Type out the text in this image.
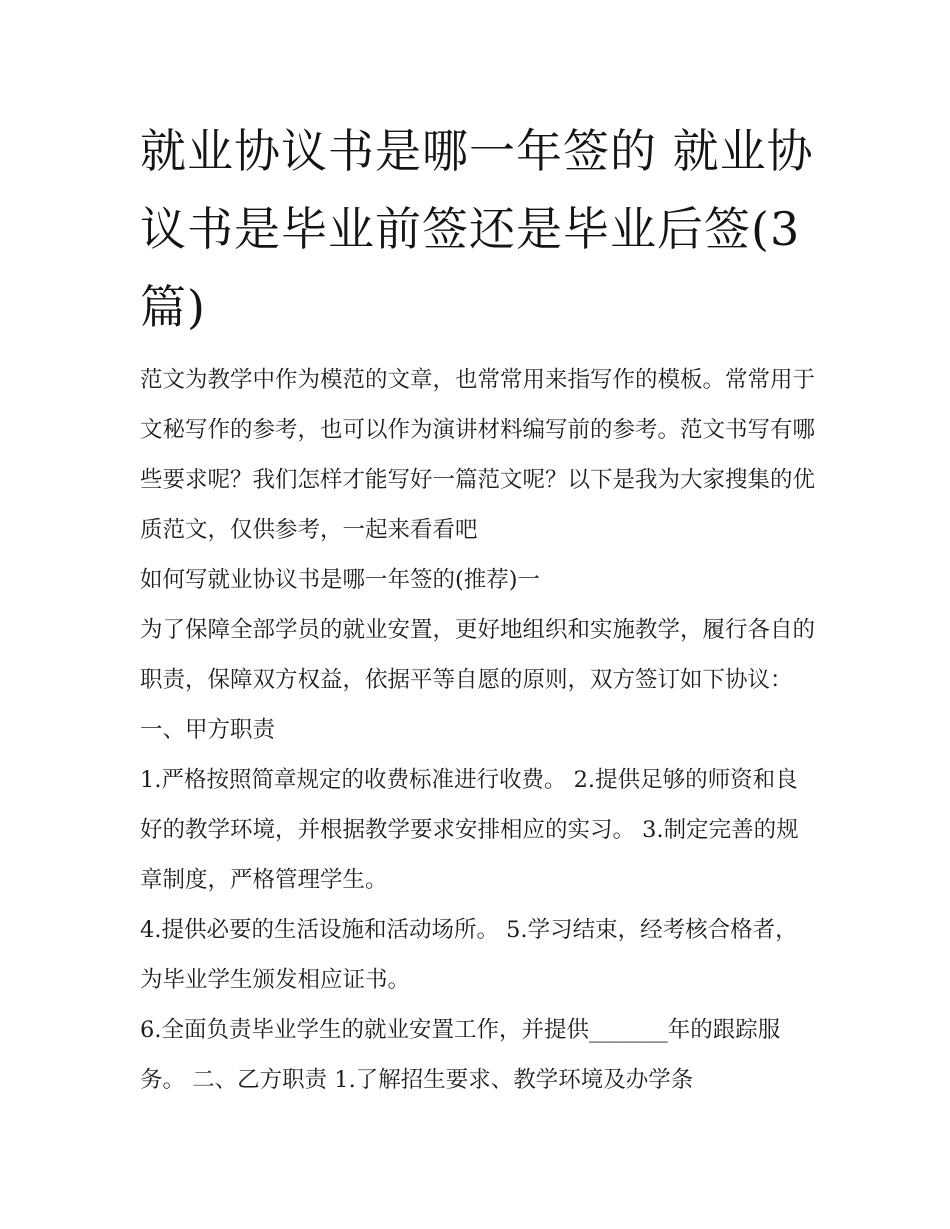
就业协议书是哪一年签的 就业协议书是毕业前签还是毕业后签(3篇)

范文为教学中作为模范的文章，也常常用来指写作的模板。常常用于文秘写作的参考，也可以作为演讲材料编写前的参考。范文书写有哪些要求呢？我们怎样才能写好一篇范文呢？以下是我为大家搜集的优质范文，仅供参考，一起来看看吧

如何写就业协议书是哪一年签的(推荐)一

为了保障全部学员的就业安置，更好地组织和实施教学，履行各自的职责，保障双方权益，依据平等自愿的原则，双方签订如下协议： 一、甲方职责

1.严格按照简章规定的收费标准进行收费。 2.提供足够的师资和良好的教学环境，并根据教学要求安排相应的实习。 3.制定完善的规章制度，严格管理学生。

4.提供必要的生活设施和活动场所。 5.学习结束，经考核合格者，为毕业学生颁发相应证书。

6.全面负责毕业学生的就业安置工作，并提供_______年的跟踪服务。 二、乙方职责 1.了解招生要求、教学环境及办学条
